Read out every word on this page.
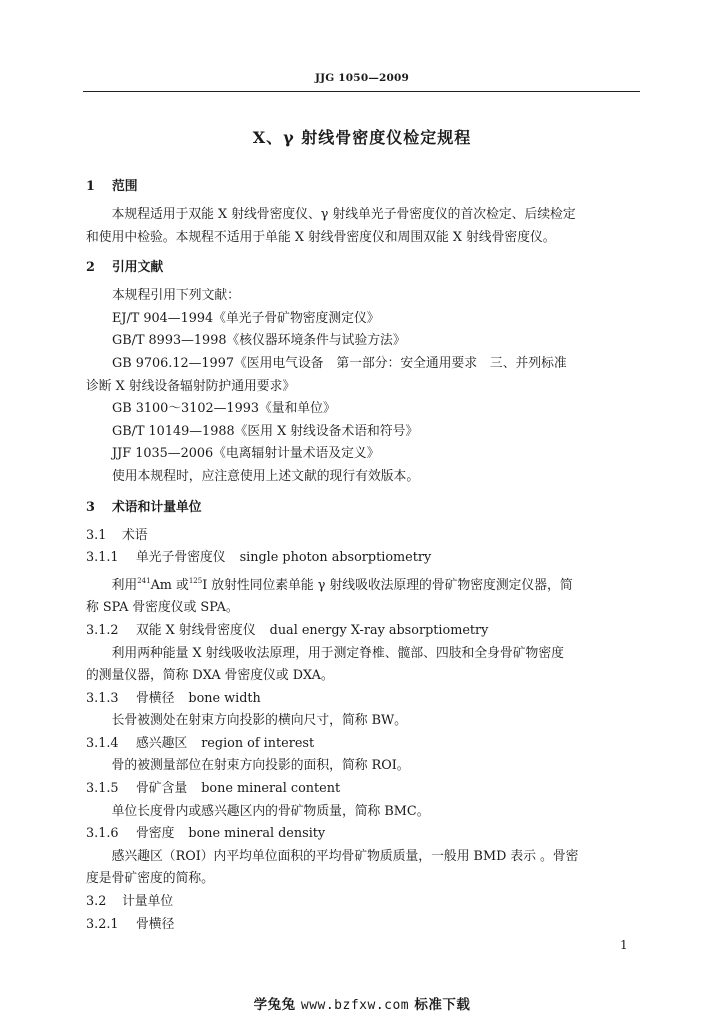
JJG 1050—2009
X、γ 射线骨密度仪检定规程
1 范围
本规程适用于双能 X 射线骨密度仪、γ 射线单光子骨密度仪的首次检定、后续检定
和使用中检验。本规程不适用于单能 X 射线骨密度仪和周围双能 X 射线骨密度仪。
2 引用文献
本规程引用下列文献：
EJ/T 904—1994《单光子骨矿物密度测定仪》
GB/T 8993—1998《核仪器环境条件与试验方法》
GB 9706.12—1997《医用电气设备　第一部分：安全通用要求　三、并列标准
诊断 X 射线设备辐射防护通用要求》
GB 3100～3102—1993《量和单位》
GB/T 10149—1988《医用 X 射线设备术语和符号》
JJF 1035—2006《电离辐射计量术语及定义》
使用本规程时，应注意使用上述文献的现行有效版本。
3 术语和计量单位
3.1 术语
3.1.1 单光子骨密度仪 single photon absorptiometry
利用$^{241}$Am 或$^{125}$I 放射性同位素单能 γ 射线吸收法原理的骨矿物密度测定仪器，简
称 SPA 骨密度仪或 SPA。
3.1.2 双能 X 射线骨密度仪 dual energy X-ray absorptiometry
利用两种能量 X 射线吸收法原理，用于测定脊椎、髋部、四肢和全身骨矿物密度
的测量仪器，简称 DXA 骨密度仪或 DXA。
3.1.3 骨横径 bone width
长骨被测处在射束方向投影的横向尺寸，简称 BW。
3.1.4 感兴趣区 region of interest
骨的被测量部位在射束方向投影的面积，简称 ROI。
3.1.5 骨矿含量 bone mineral content
单位长度骨内或感兴趣区内的骨矿物质量，简称 BMC。
3.1.6 骨密度 bone mineral density
感兴趣区（ROI）内平均单位面积的平均骨矿物质质量，一般用 BMD 表示 。骨密
度是骨矿密度的简称。
3.2 计量单位
3.2.1 骨横径
1
学兔兔 www.bzfxw.com 标准下载
